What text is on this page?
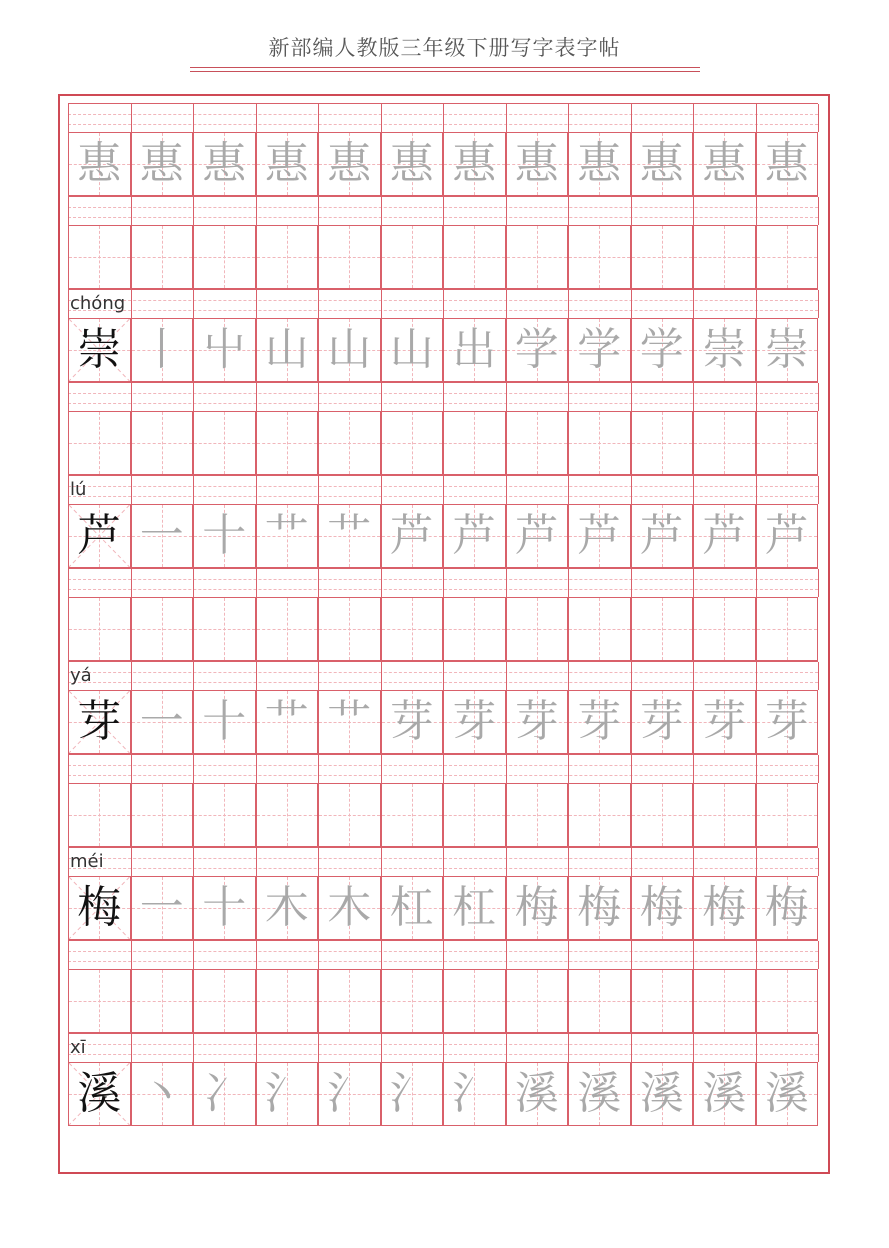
新部编人教版三年级下册写字表字帖
惠 惠 惠 惠 惠 惠 惠 惠 惠 惠 惠 惠
chóng
崇 丨 屮 山 山 山 出 学 学 学 崇 崇
lú
芦 一 十 艹 艹 芦 芦 芦 芦 芦 芦 芦
yá
芽 一 十 艹 艹 芽 芽 芽 芽 芽 芽 芽
méi
梅 一 十 木 木 杠 杠 梅 梅 梅 梅 梅
xī
溪 丶 冫 氵 氵 氵 氵 溪 溪 溪 溪 溪
